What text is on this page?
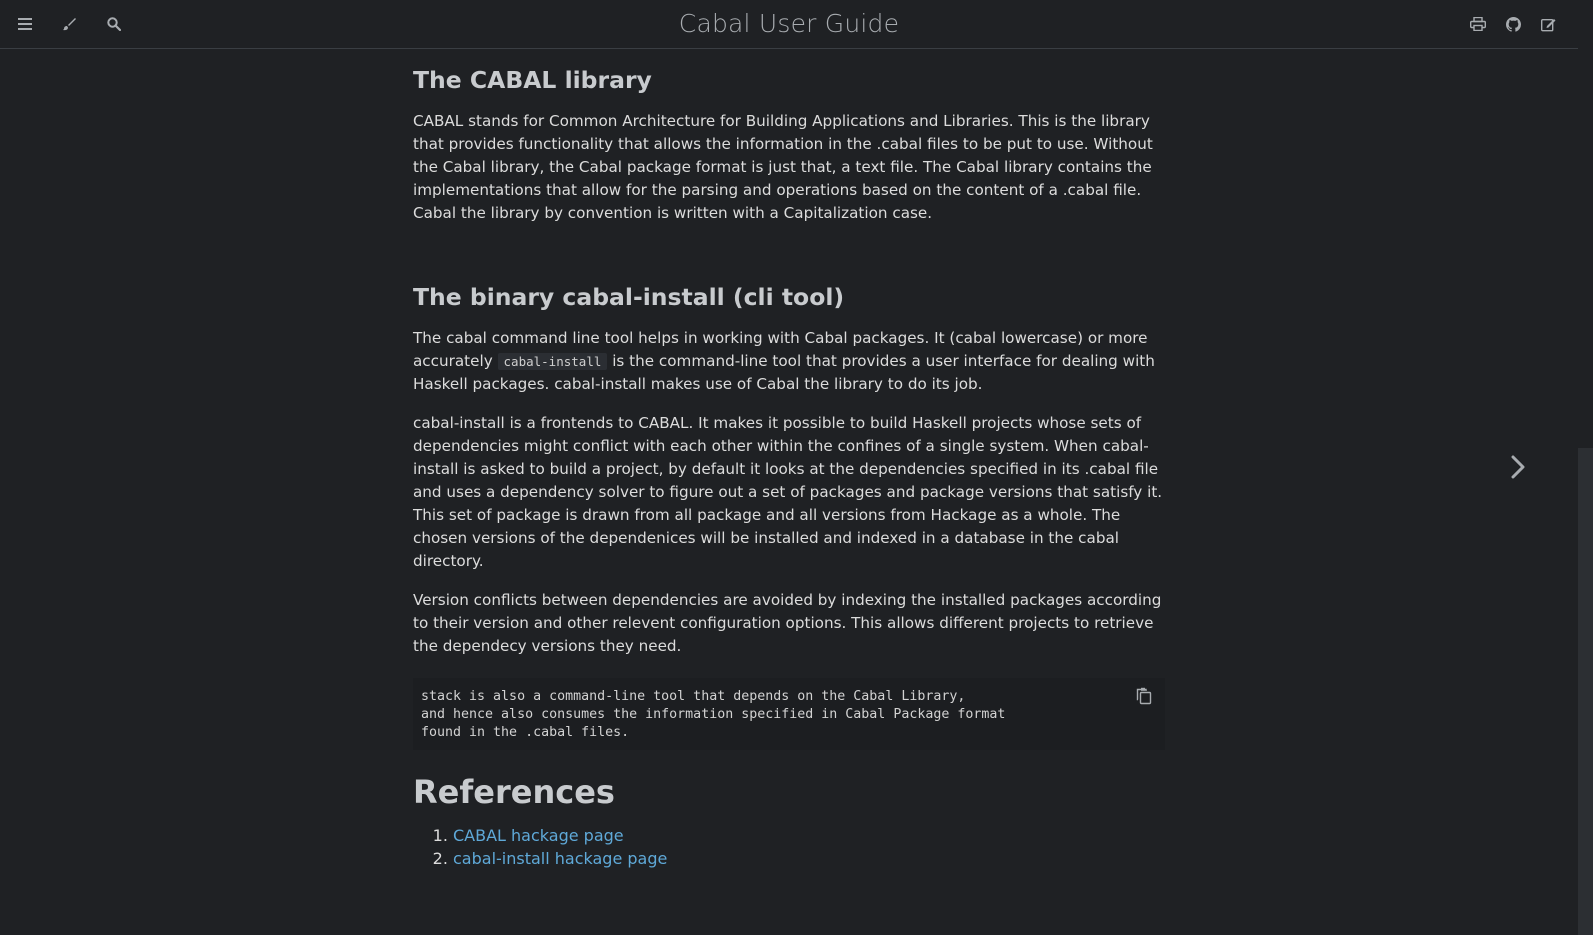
Cabal User Guide
The CABAL library

CABAL stands for Common Architecture for Building Applications and Libraries. This is the library that provides functionality that allows the information in the .cabal files to be put to use. Without the Cabal library, the Cabal package format is just that, a text file. The Cabal library contains the implementations that allow for the parsing and operations based on the content of a .cabal file. Cabal the library by convention is written with a Capitalization case.

The binary cabal-install (cli tool)

The cabal command line tool helps in working with Cabal packages. It (cabal lowercase) or more accurately cabal-install is the command-line tool that provides a user interface for dealing with Haskell packages. cabal-install makes use of Cabal the library to do its job.

cabal-install is a frontends to CABAL. It makes it possible to build Haskell projects whose sets of dependencies might conflict with each other within the confines of a single system. When cabal-install is asked to build a project, by default it looks at the dependencies specified in its .cabal file and uses a dependency solver to figure out a set of packages and package versions that satisfy it. This set of package is drawn from all package and all versions from Hackage as a whole. The chosen versions of the dependenices will be installed and indexed in a database in the cabal directory.

Version conflicts between dependencies are avoided by indexing the installed packages according to their version and other relevent configuration options. This allows different projects to retrieve the dependecy versions they need.

stack is also a command-line tool that depends on the Cabal Library,
and hence also consumes the information specified in Cabal Package format
found in the .cabal files.
References
1. CABAL hackage page
2. cabal-install hackage page
